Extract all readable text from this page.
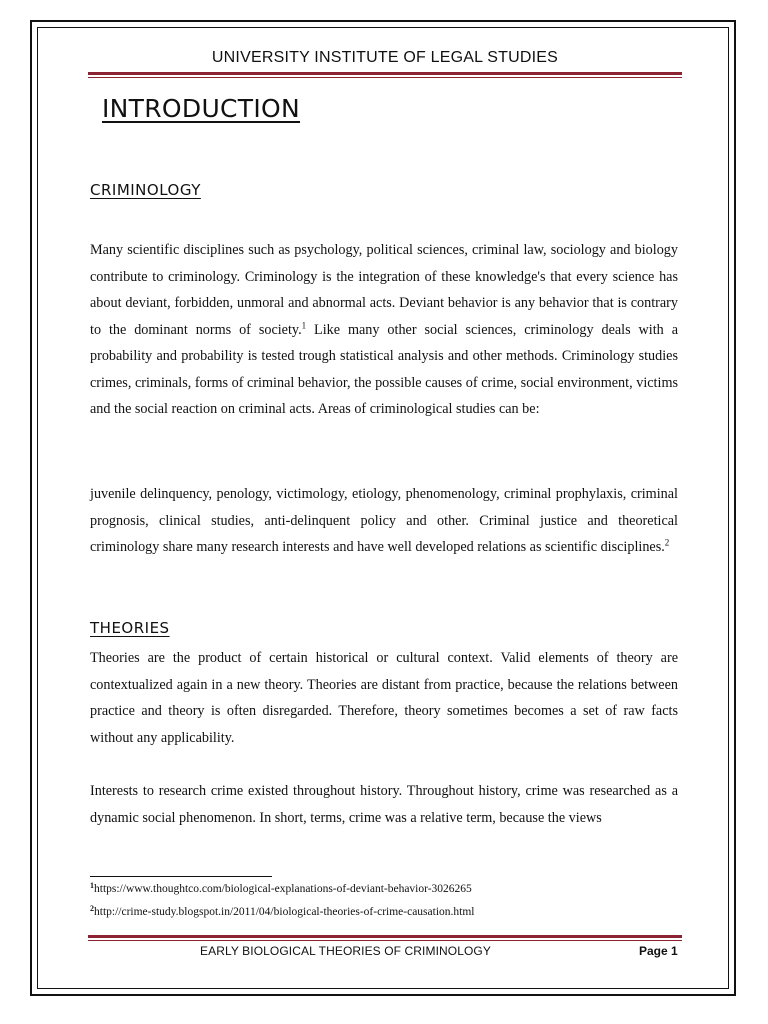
UNIVERSITY INSTITUTE OF LEGAL STUDIES
INTRODUCTION
CRIMINOLOGY

Many scientific disciplines such as psychology, political sciences, criminal law, sociology and biology contribute to criminology. Criminology is the integration of these knowledge's that every science has about deviant, forbidden, unmoral and abnormal acts. Deviant behavior is any behavior that is contrary to the dominant norms of society.$^1$ Like many other social sciences, criminology deals with a probability and probability is tested trough statistical analysis and other methods. Criminology studies crimes, criminals, forms of criminal behavior, the possible causes of crime, social environment, victims and the social reaction on criminal acts. Areas of criminological studies can be:

juvenile delinquency, penology, victimology, etiology, phenomenology, criminal prophylaxis, criminal prognosis, clinical studies, anti-delinquent policy and other. Criminal justice and theoretical criminology share many research interests and have well developed relations as scientific disciplines.$^2$

THEORIES

Theories are the product of certain historical or cultural context. Valid elements of theory are contextualized again in a new theory. Theories are distant from practice, because the relations between practice and theory is often disregarded. Therefore, theory sometimes becomes a set of raw facts without any applicability.

Interests to research crime existed throughout history. Throughout history, crime was researched as a dynamic social phenomenon. In short, terms, crime was a relative term, because the views

$^1$https://www.thoughtco.com/biological-explanations-of-deviant-behavior-3026265
$^2$http://crime-study.blogspot.in/2011/04/biological-theories-of-crime-causation.html
EARLY BIOLOGICAL THEORIES OF CRIMINOLOGY	Page 1
